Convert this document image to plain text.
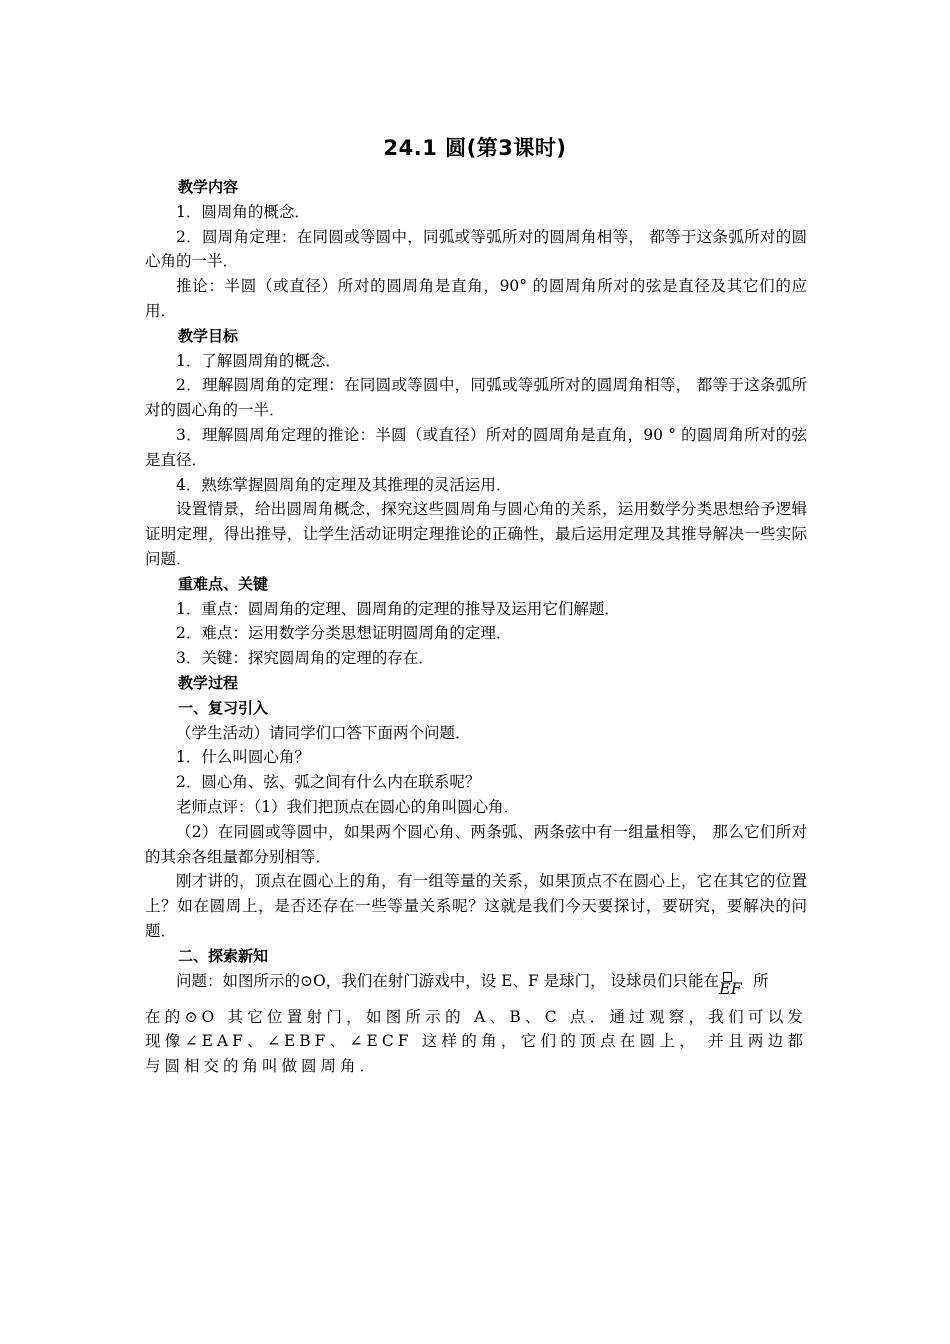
24.1 圆(第3课时)

教学内容

1．圆周角的概念．

2．圆周角定理：在同圆或等圆中，同弧或等弧所对的圆周角相等， 都等于这条弧所对的圆心角的一半．

推论：半圆（或直径）所对的圆周角是直角，90° 的圆周角所对的弦是直径及其它们的应用．

教学目标

1．了解圆周角的概念．

2．理解圆周角的定理：在同圆或等圆中，同弧或等弧所对的圆周角相等， 都等于这条弧所对的圆心角的一半．

3．理解圆周角定理的推论：半圆（或直径）所对的圆周角是直角，90 ° 的圆周角所对的弦是直径．

4．熟练掌握圆周角的定理及其推理的灵活运用．

设置情景，给出圆周角概念，探究这些圆周角与圆心角的关系，运用数学分类思想给予逻辑证明定理，得出推导，让学生活动证明定理推论的正确性，最后运用定理及其推导解决一些实际问题．

重难点、关键

1．重点：圆周角的定理、圆周角的定理的推导及运用它们解题．

2．难点：运用数学分类思想证明圆周角的定理．

3．关键：探究圆周角的定理的存在．

教学过程

一、复习引入

（学生活动）请同学们口答下面两个问题．

1．什么叫圆心角？

2．圆心角、弦、弧之间有什么内在联系呢？

老师点评：（1）我们把顶点在圆心的角叫圆心角．

（2）在同圆或等圆中，如果两个圆心角、两条弧、两条弦中有一组量相等， 那么它们所对的其余各组量都分别相等．

刚才讲的，顶点在圆心上的角，有一组等量的关系，如果顶点不在圆心上，它在其它的位置上？如在圆周上，是否还存在一些等量关系呢？这就是我们今天要探讨，要研究，要解决的问题．

二、探索新知

问题：如图所示的⊙O，我们在射门游戏中，设 E、F 是球门， 设球员们只能在 EF 所

在的⊙O 其它位置射门，如图所示的 A、B、C 点．通过观察，我们可以发现像∠EAF、∠EBF、∠ECF 这样的角，它们的顶点在圆上， 并且两边都与圆相交的角叫做圆周角．
